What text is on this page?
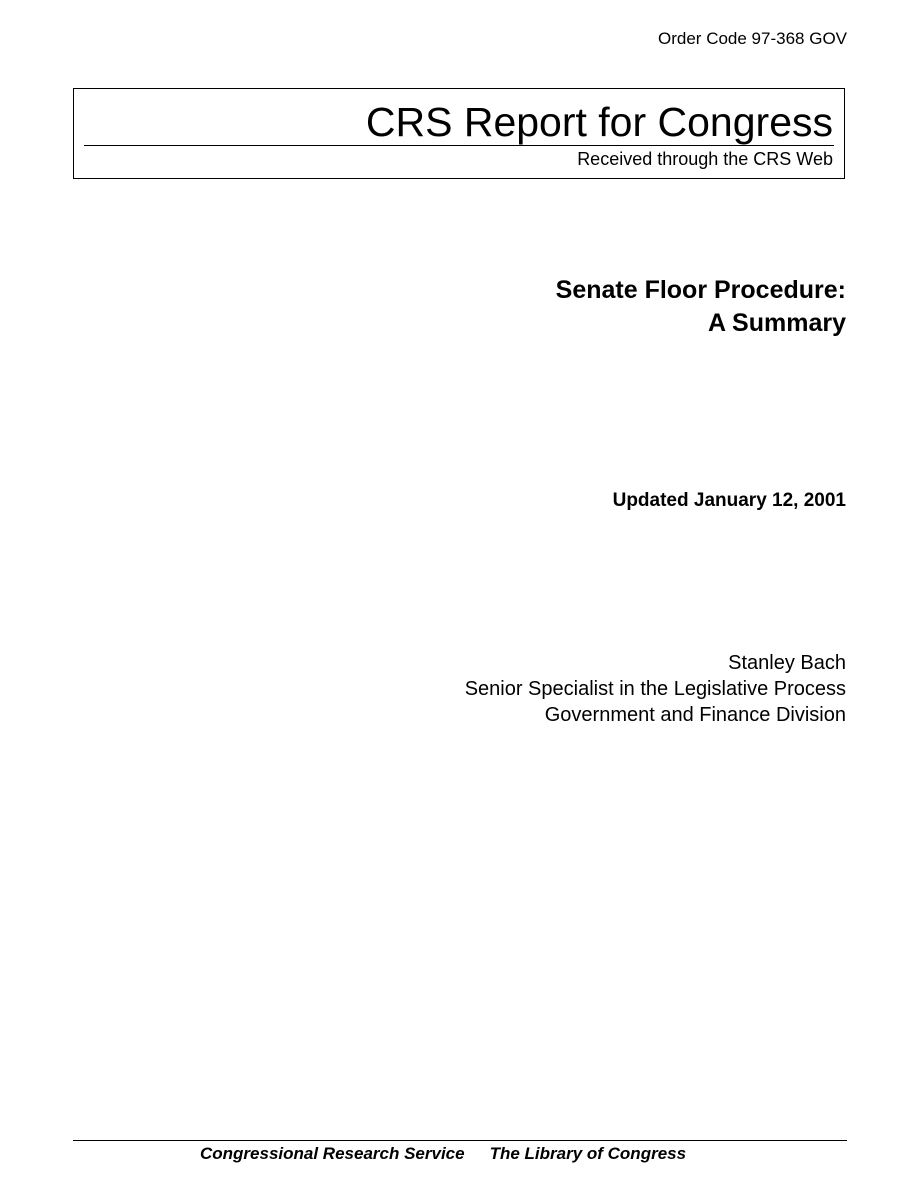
Order Code 97-368 GOV
CRS Report for Congress
Received through the CRS Web
Senate Floor Procedure:
A Summary
Updated January 12, 2001
Stanley Bach
Senior Specialist in the Legislative Process
Government and Finance Division
Congressional Research Service The Library of Congress
